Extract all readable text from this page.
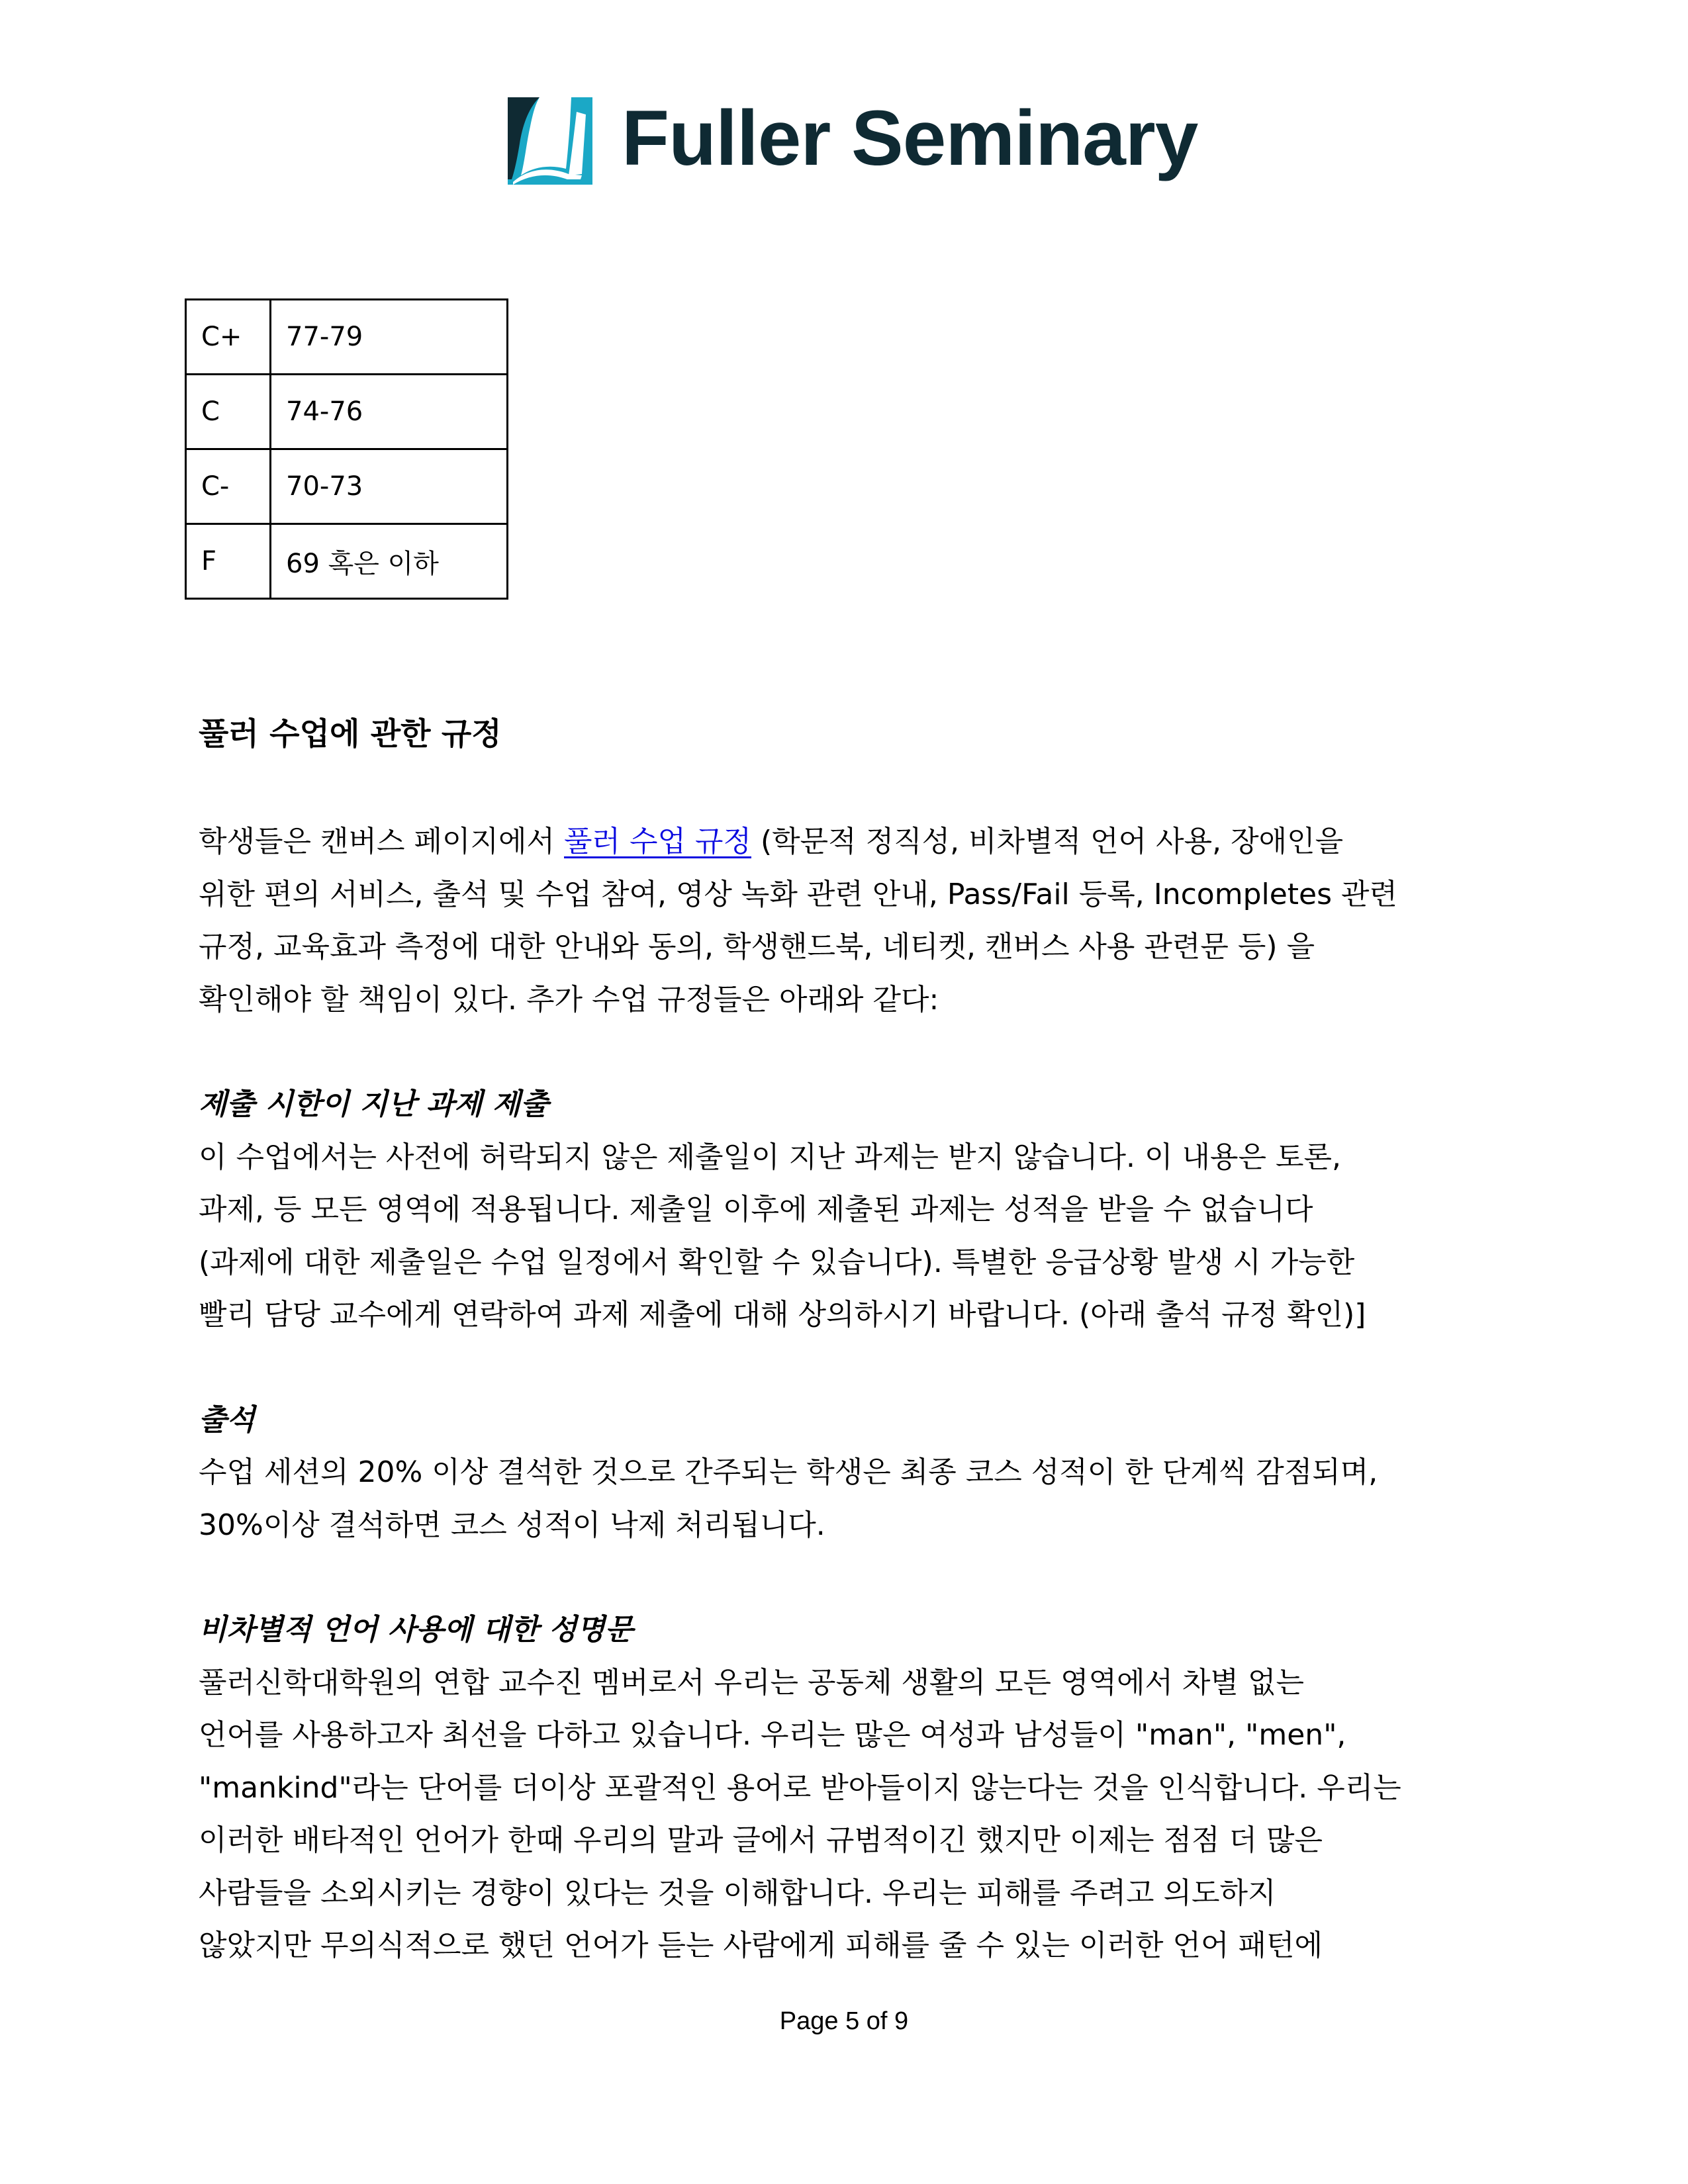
Fuller Seminary
C+	77-79
C	74-76
C-	70-73
F	69 혹은 이하
풀러 수업에 관한 규정

학생들은 캔버스 페이지에서 풀러 수업 규정 (학문적 정직성, 비차별적 언어 사용, 장애인을
위한 편의 서비스, 출석 및 수업 참여, 영상 녹화 관련 안내, Pass/Fail 등록, Incompletes 관련
규정, 교육효과 측정에 대한 안내와 동의, 학생핸드북, 네티켓, 캔버스 사용 관련문 등) 을
확인해야 할 책임이 있다. 추가 수업 규정들은 아래와 같다:

제출 시한이 지난 과제 제출

이 수업에서는 사전에 허락되지 않은 제출일이 지난 과제는 받지 않습니다. 이 내용은 토론,
과제, 등 모든 영역에 적용됩니다. 제출일 이후에 제출된 과제는 성적을 받을 수 없습니다
(과제에 대한 제출일은 수업 일정에서 확인할 수 있습니다). 특별한 응급상황 발생 시 가능한
빨리 담당 교수에게 연락하여 과제 제출에 대해 상의하시기 바랍니다. (아래 출석 규정 확인)]

출석

수업 세션의 20% 이상 결석한 것으로 간주되는 학생은 최종 코스 성적이 한 단계씩 감점되며,
30%이상 결석하면 코스 성적이 낙제 처리됩니다.

비차별적 언어 사용에 대한 성명문

풀러신학대학원의 연합 교수진 멤버로서 우리는 공동체 생활의 모든 영역에서 차별 없는
언어를 사용하고자 최선을 다하고 있습니다. 우리는 많은 여성과 남성들이 "man", "men",
"mankind"라는 단어를 더이상 포괄적인 용어로 받아들이지 않는다는 것을 인식합니다. 우리는
이러한 배타적인 언어가 한때 우리의 말과 글에서 규범적이긴 했지만 이제는 점점 더 많은
사람들을 소외시키는 경향이 있다는 것을 이해합니다. 우리는 피해를 주려고 의도하지
않았지만 무의식적으로 했던 언어가 듣는 사람에게 피해를 줄 수 있는 이러한 언어 패턴에

Page 5 of 9
